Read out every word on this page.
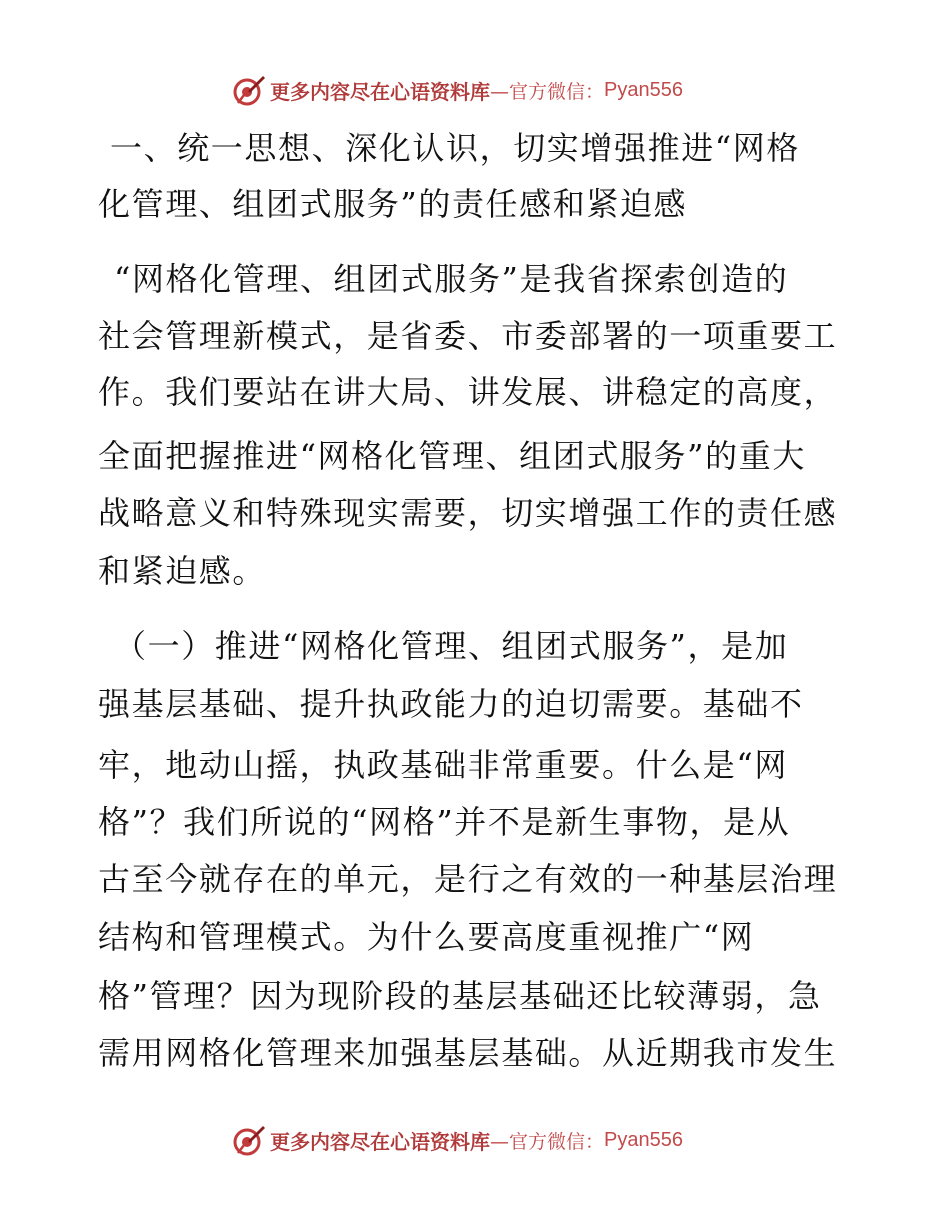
更多内容尽在心语资料库 —官方微信： Pyan556
一、统一思想、深化认识，切实增强推进“网格
化管理、组团式服务”的责任感和紧迫感
“网格化管理、组团式服务”是我省探索创造的
社会管理新模式，是省委、市委部署的一项重要工
作。我们要站在讲大局、讲发展、讲稳定的高度，
全面把握推进“网格化管理、组团式服务”的重大
战略意义和特殊现实需要，切实增强工作的责任感
和紧迫感。
（一）推进“网格化管理、组团式服务”，是加
强基层基础、提升执政能力的迫切需要。基础不
牢，地动山摇，执政基础非常重要。什么是“网
格”？我们所说的“网格”并不是新生事物，是从
古至今就存在的单元，是行之有效的一种基层治理
结构和管理模式。为什么要高度重视推广“网
格”管理？因为现阶段的基层基础还比较薄弱，急
需用网格化管理来加强基层基础。从近期我市发生
更多内容尽在心语资料库 —官方微信： Pyan556
